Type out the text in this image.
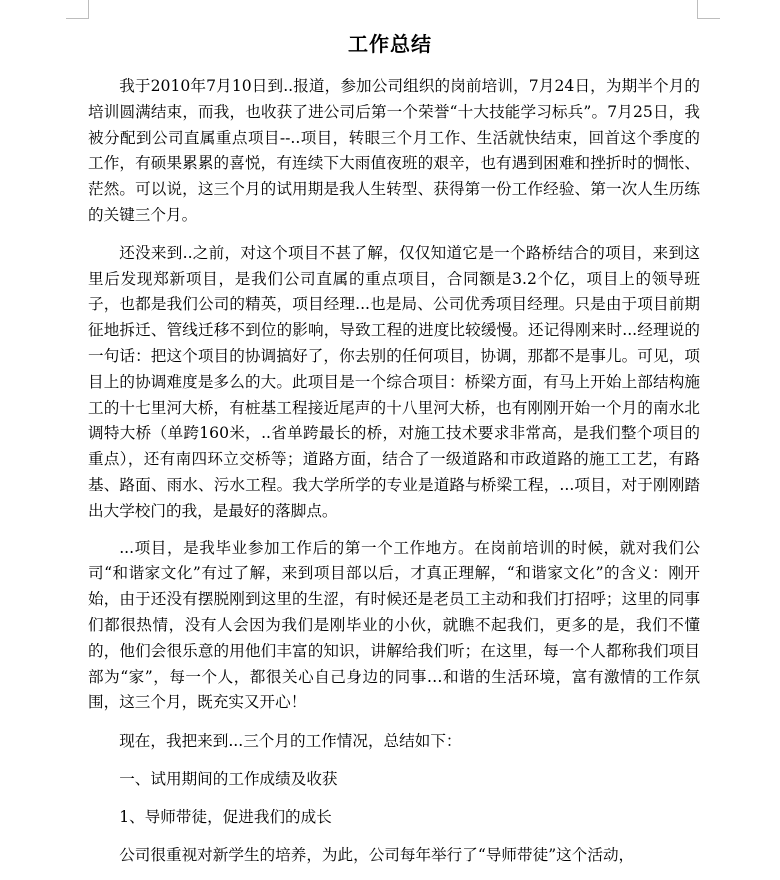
工作总结

我于2010年7月10日到..报道，参加公司组织的岗前培训，7月24日，为期半个月的培训圆满结束，而我，也收获了进公司后第一个荣誉“十大技能学习标兵”。7月25日，我被分配到公司直属重点项目--..项目，转眼三个月工作、生活就快结束，回首这个季度的工作，有硕果累累的喜悦，有连续下大雨值夜班的艰辛，也有遇到困难和挫折时的惆怅、茫然。可以说，这三个月的试用期是我人生转型、获得第一份工作经验、第一次人生历练的关键三个月。

还没来到..之前，对这个项目不甚了解，仅仅知道它是一个路桥结合的项目，来到这里后发现郑新项目，是我们公司直属的重点项目，合同额是3.2个亿，项目上的领导班子，也都是我们公司的精英，项目经理...也是局、公司优秀项目经理。只是由于项目前期征地拆迁、管线迁移不到位的影响，导致工程的进度比较缓慢。还记得刚来时...经理说的一句话：把这个项目的协调搞好了，你去别的任何项目，协调，那都不是事儿。可见，项目上的协调难度是多么的大。此项目是一个综合项目：桥梁方面，有马上开始上部结构施工的十七里河大桥，有桩基工程接近尾声的十八里河大桥，也有刚刚开始一个月的南水北调特大桥（单跨160米，..省单跨最长的桥，对施工技术要求非常高，是我们整个项目的重点），还有南四环立交桥等；道路方面，结合了一级道路和市政道路的施工工艺，有路基、路面、雨水、污水工程。我大学所学的专业是道路与桥梁工程，...项目，对于刚刚踏出大学校门的我，是最好的落脚点。

...项目，是我毕业参加工作后的第一个工作地方。在岗前培训的时候，就对我们公司“和谐家文化”有过了解，来到项目部以后，才真正理解，“和谐家文化”的含义：刚开始，由于还没有摆脱刚到这里的生涩，有时候还是老员工主动和我们打招呼；这里的同事们都很热情，没有人会因为我们是刚毕业的小伙，就瞧不起我们，更多的是，我们不懂的，他们会很乐意的用他们丰富的知识，讲解给我们听；在这里，每一个人都称我们项目部为“家”，每一个人，都很关心自己身边的同事…和谐的生活环境，富有激情的工作氛围，这三个月，既充实又开心！

现在，我把来到...三个月的工作情况，总结如下：

一、试用期间的工作成绩及收获

1、导师带徒，促进我们的成长

公司很重视对新学生的培养，为此，公司每年举行了“导师带徒”这个活动，
